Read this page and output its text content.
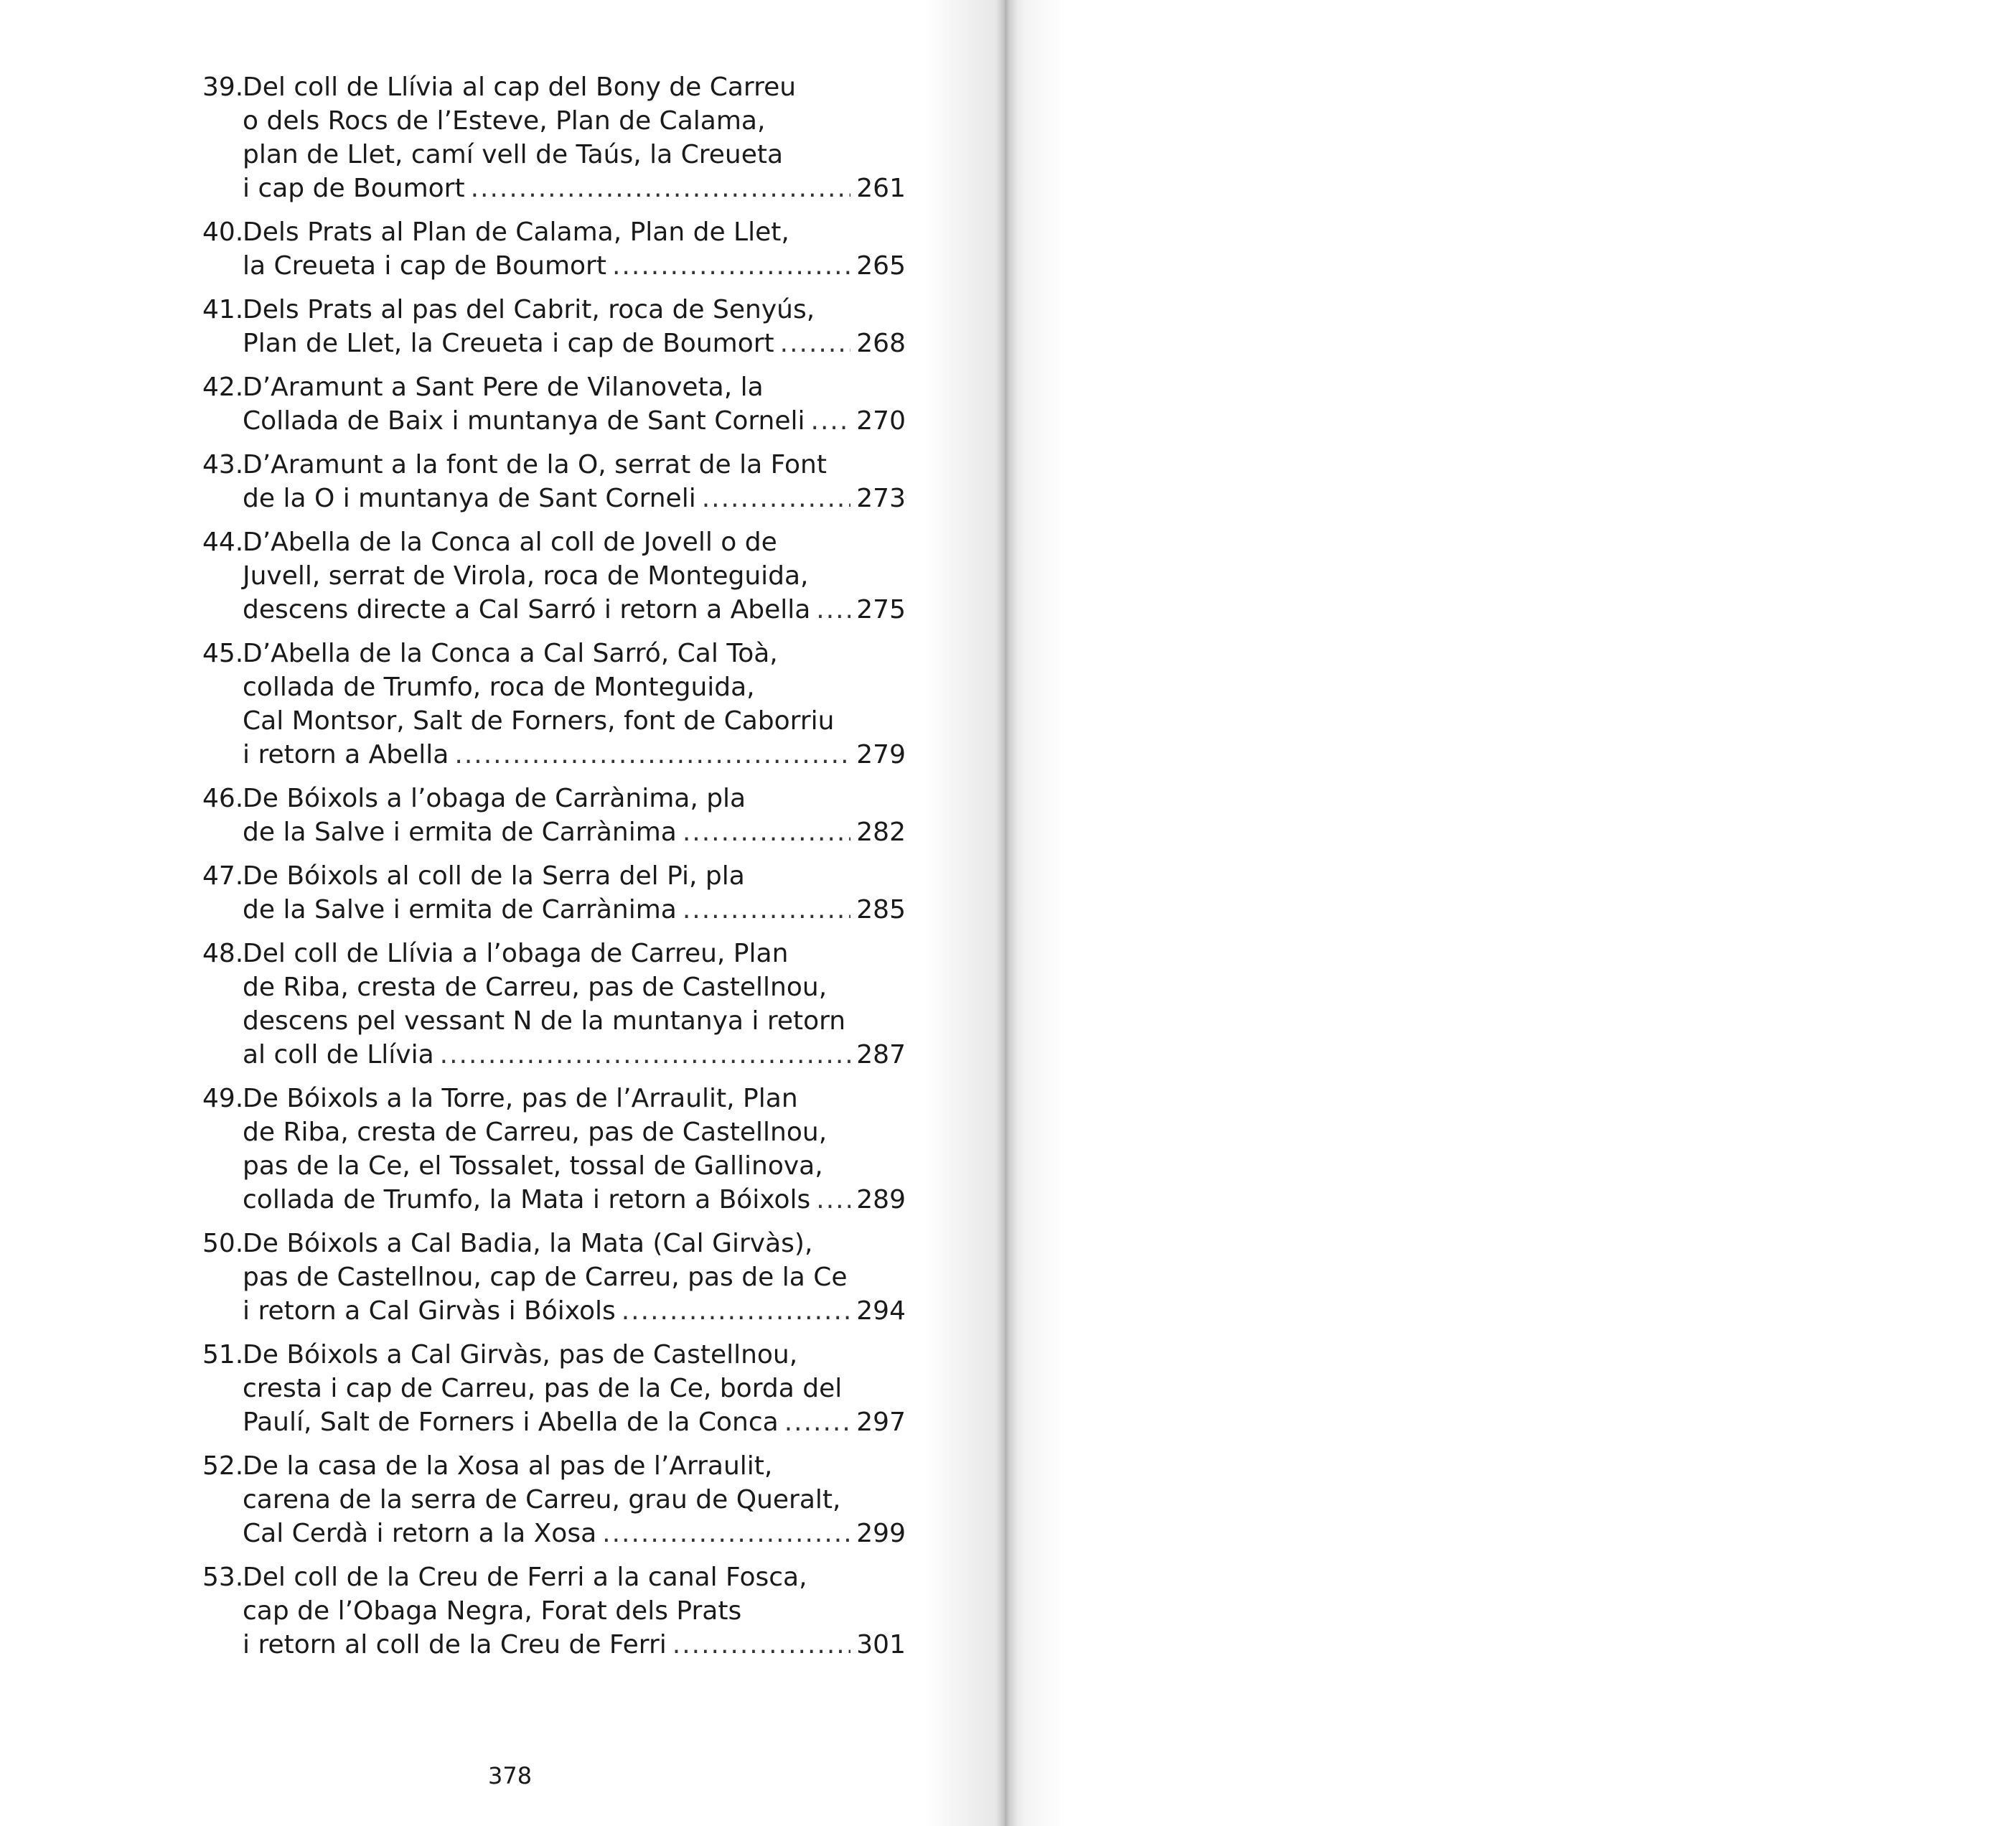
39.
Del coll de Llívia al cap del Bony de Carreu
o dels Rocs de l’Esteve, Plan de Calama,
plan de Llet, camí vell de Taús, la Creueta
i cap de Boumort .....	261
40.
Dels Prats al Plan de Calama, Plan de Llet,
la Creueta i cap de Boumort .....	265
41.
Dels Prats al pas del Cabrit, roca de Senyús,
Plan de Llet, la Creueta i cap de Boumort .....	268
42.
D’Aramunt a Sant Pere de Vilanoveta, la
Collada de Baix i muntanya de Sant Corneli ..... 270
43.
D’Aramunt a la font de la O, serrat de la Font
de la O i muntanya de Sant Corneli .....	273
44.
D’Abella de la Conca al coll de Jovell o de
Juvell, serrat de Virola, roca de Monteguida,
descens directe a Cal Sarró i retorn a Abella ..... 275
45.
D’Abella de la Conca a Cal Sarró, Cal Toà,
collada de Trumfo, roca de Monteguida,
Cal Montsor, Salt de Forners, font de Caborriu
i retorn a Abella .....	279
46.
De Bóixols a l’obaga de Carrànima, pla
de la Salve i ermita de Carrànima .....	282
47.
De Bóixols al coll de la Serra del Pi, pla
de la Salve i ermita de Carrànima .....	285
48.
Del coll de Llívia a l’obaga de Carreu, Plan
de Riba, cresta de Carreu, pas de Castellnou,
descens pel vessant N de la muntanya i retorn
al coll de Llívia .....	287
49.
De Bóixols a la Torre, pas de l’Arraulit, Plan
de Riba, cresta de Carreu, pas de Castellnou,
pas de la Ce, el Tossalet, tossal de Gallinova,
collada de Trumfo, la Mata i retorn a Bóixols ..... 289
50.
De Bóixols a Cal Badia, la Mata (Cal Girvàs),
pas de Castellnou, cap de Carreu, pas de la Ce
i retorn a Cal Girvàs i Bóixols .....	294
51.
De Bóixols a Cal Girvàs, pas de Castellnou,
cresta i cap de Carreu, pas de la Ce, borda del
Paulí, Salt de Forners i Abella de la Conca .....	297
52.
De la casa de la Xosa al pas de l’Arraulit,
carena de la serra de Carreu, grau de Queralt,
Cal Cerdà i retorn a la Xosa .....	299
53.
Del coll de la Creu de Ferri a la canal Fosca,
cap de l’Obaga Negra, Forat dels Prats
i retorn al coll de la Creu de Ferri .....	301
378
